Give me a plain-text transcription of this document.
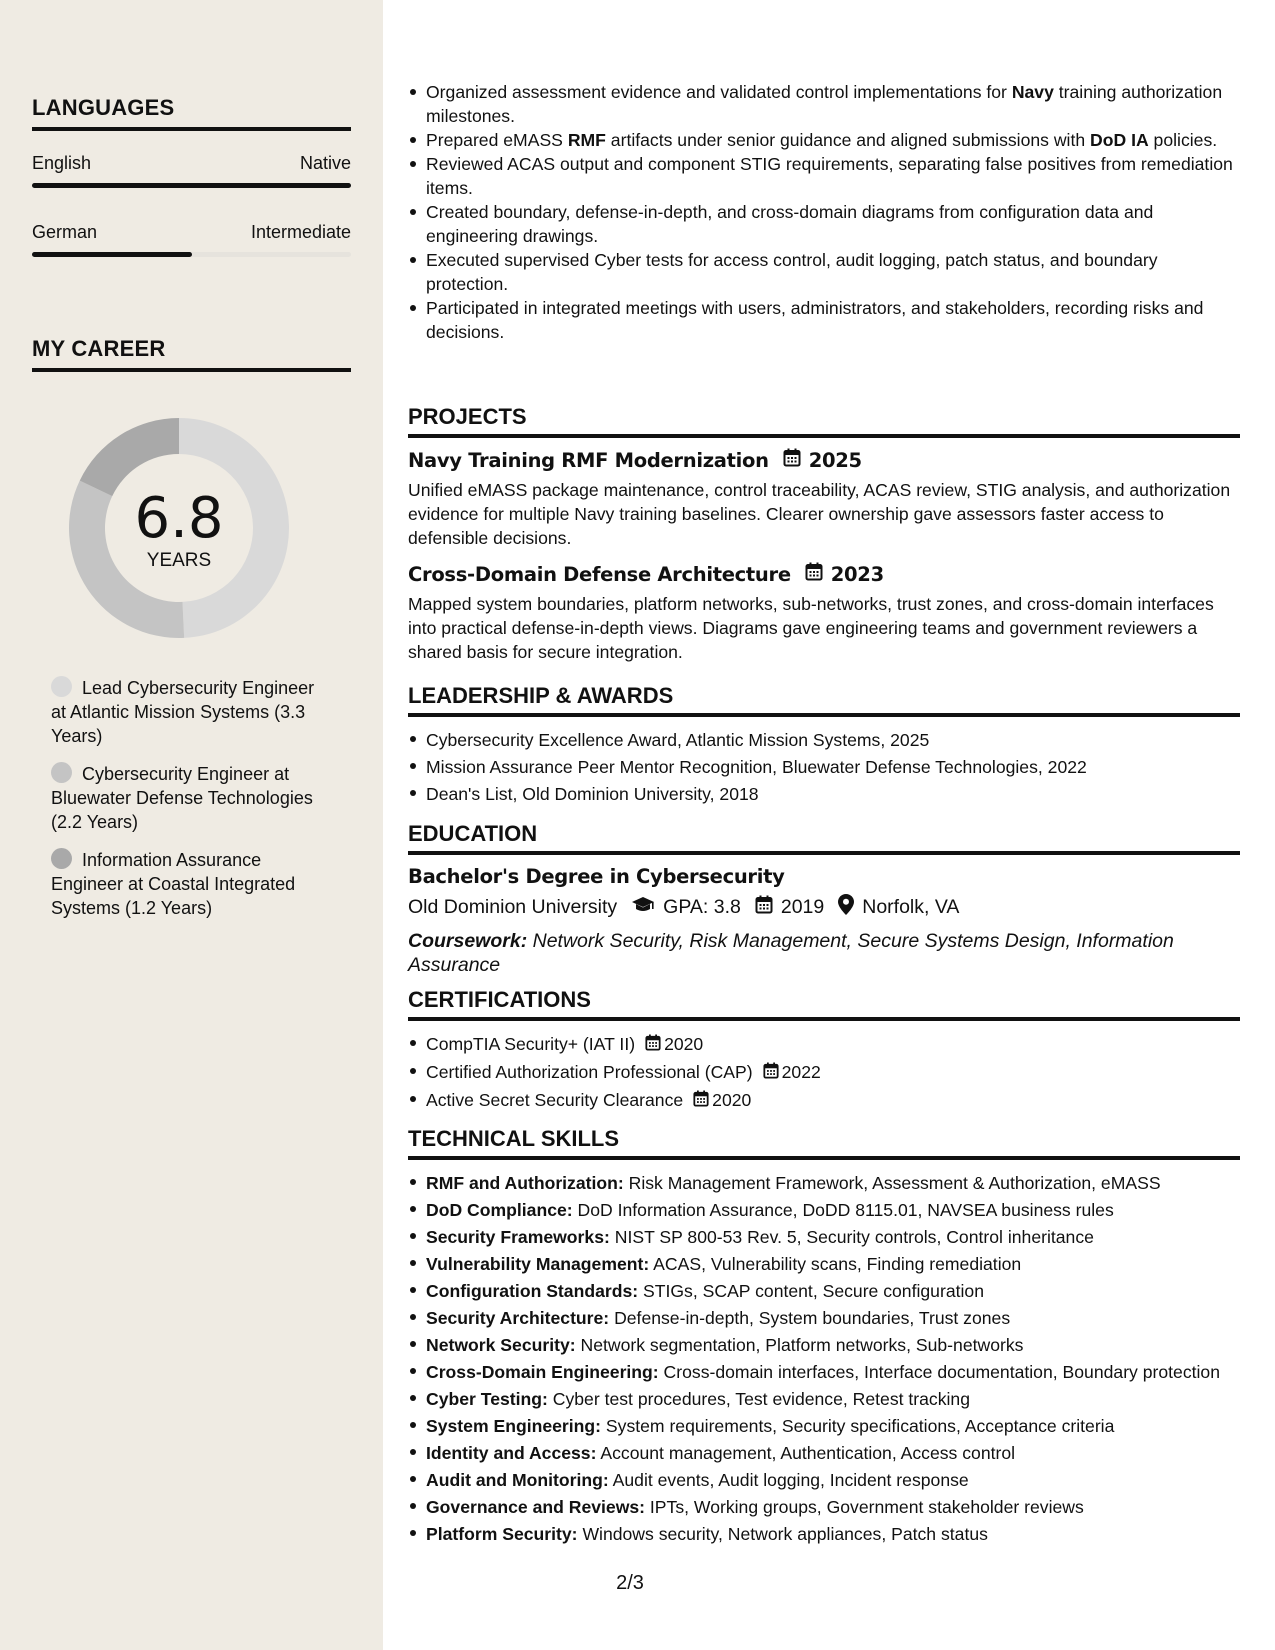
LANGUAGES
English	Native
German	Intermediate
MY CAREER
6.8
YEARS
Lead Cybersecurity Engineer at Atlantic Mission Systems (3.3 Years)
Cybersecurity Engineer at Bluewater Defense Technologies (2.2 Years)
Information Assurance Engineer at Coastal Integrated Systems (1.2 Years)
Organized assessment evidence and validated control implementations for Navy training authorization milestones.
Prepared eMASS RMF artifacts under senior guidance and aligned submissions with DoD IA policies.
Reviewed ACAS output and component STIG requirements, separating false positives from remediation items.
Created boundary, defense-in-depth, and cross-domain diagrams from configuration data and engineering drawings.
Executed supervised Cyber tests for access control, audit logging, patch status, and boundary protection.
Participated in integrated meetings with users, administrators, and stakeholders, recording risks and decisions.
PROJECTS
Navy Training RMF Modernization 2025
Unified eMASS package maintenance, control traceability, ACAS review, STIG analysis, and authorization evidence for multiple Navy training baselines. Clearer ownership gave assessors faster access to defensible decisions.
Cross-Domain Defense Architecture 2023
Mapped system boundaries, platform networks, sub-networks, trust zones, and cross-domain interfaces into practical defense-in-depth views. Diagrams gave engineering teams and government reviewers a shared basis for secure integration.
LEADERSHIP & AWARDS
Cybersecurity Excellence Award, Atlantic Mission Systems, 2025
Mission Assurance Peer Mentor Recognition, Bluewater Defense Technologies, 2022
Dean's List, Old Dominion University, 2018
EDUCATION
Bachelor's Degree in Cybersecurity
Old Dominion University GPA: 3.8 2019 Norfolk, VA
Coursework: Network Security, Risk Management, Secure Systems Design, Information Assurance
CERTIFICATIONS
CompTIA Security+ (IAT II) 2020
Certified Authorization Professional (CAP) 2022
Active Secret Security Clearance 2020
TECHNICAL SKILLS
RMF and Authorization: Risk Management Framework, Assessment & Authorization, eMASS
DoD Compliance: DoD Information Assurance, DoDD 8115.01, NAVSEA business rules
Security Frameworks: NIST SP 800-53 Rev. 5, Security controls, Control inheritance
Vulnerability Management: ACAS, Vulnerability scans, Finding remediation
Configuration Standards: STIGs, SCAP content, Secure configuration
Security Architecture: Defense-in-depth, System boundaries, Trust zones
Network Security: Network segmentation, Platform networks, Sub-networks
Cross-Domain Engineering: Cross-domain interfaces, Interface documentation, Boundary protection
Cyber Testing: Cyber test procedures, Test evidence, Retest tracking
System Engineering: System requirements, Security specifications, Acceptance criteria
Identity and Access: Account management, Authentication, Access control
Audit and Monitoring: Audit events, Audit logging, Incident response
Governance and Reviews: IPTs, Working groups, Government stakeholder reviews
Platform Security: Windows security, Network appliances, Patch status
2/3
